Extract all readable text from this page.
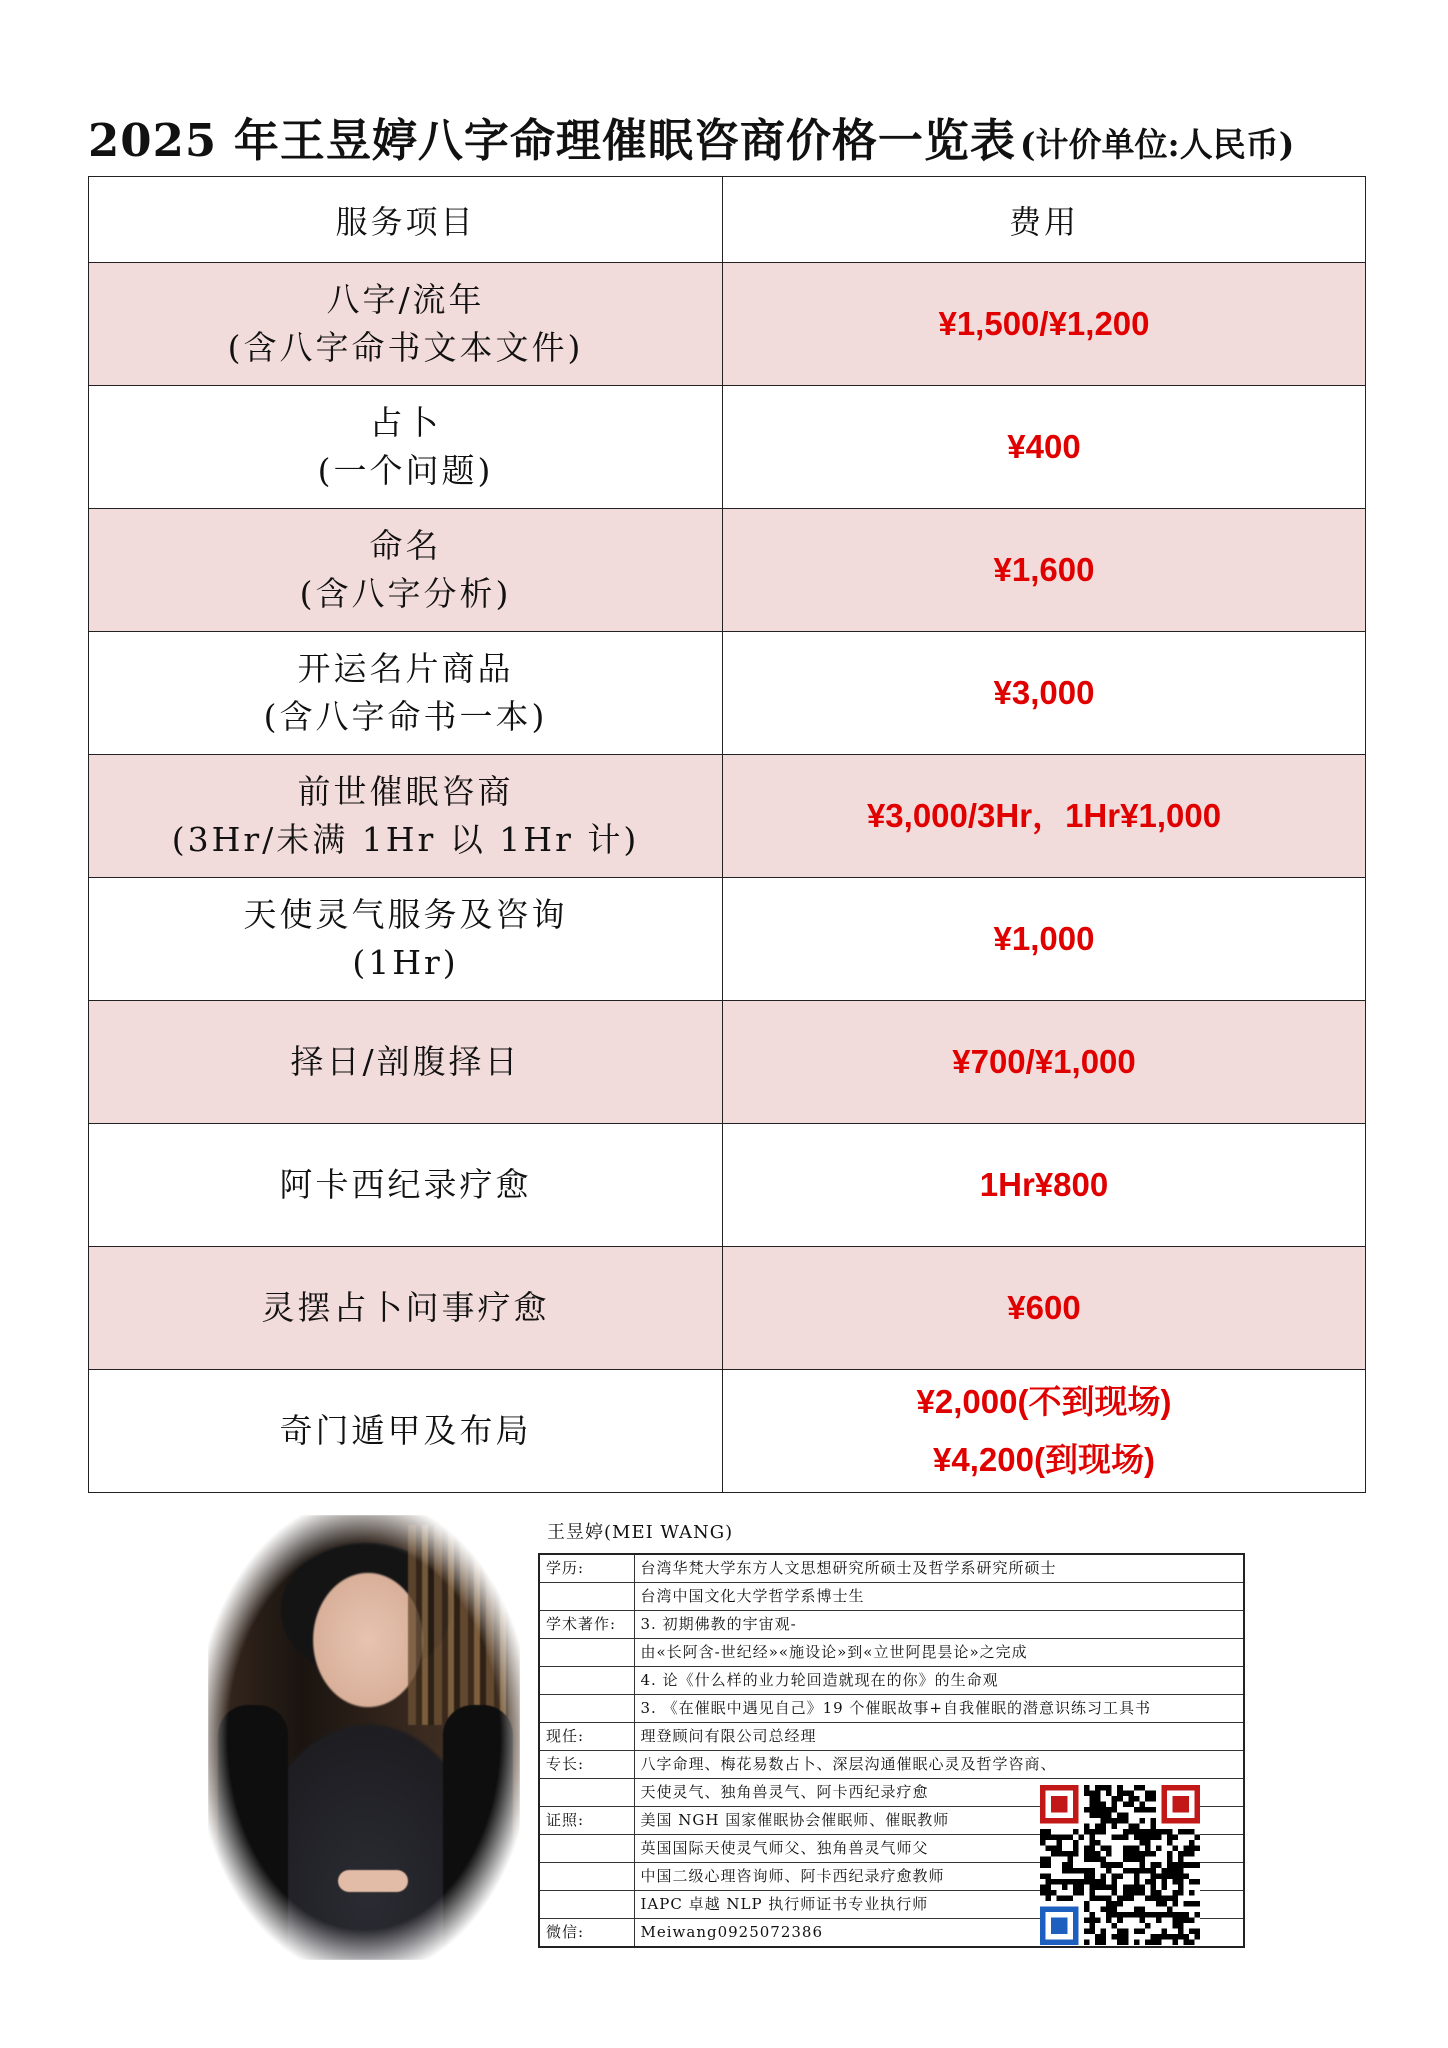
2025 年王昱婷八字命理催眠咨商价格一览表 (计价单位:人民币)
服务项目	费用

八字/流年
(含八字命书文本文件)	¥1,500/¥1,200

占卜
(一个问题)	¥400

命名
(含八字分析)	¥1,600

开运名片商品
(含八字命书一本)	¥3,000

前世催眠咨商
(3Hr/未满 1Hr 以 1Hr 计)	¥3,000/3Hr，1Hr¥1,000

天使灵气服务及咨询
(1Hr)	¥1,000

择日/剖腹择日	¥700/¥1,000

阿卡西纪录疗愈	1Hr¥800

灵摆占卜问事疗愈	¥600

奇门遁甲及布局	¥2,000(不到现场)
¥4,200(到现场)
王昱婷(MEI WANG)
学历:	台湾华梵大学东方人文思想研究所硕士及哲学系研究所硕士
	台湾中国文化大学哲学系博士生
学术著作:	3. 初期佛教的宇宙观-
	由«长阿含-世纪经»«施设论»到«立世阿毘昙论»之完成
	4. 论《什么样的业力轮回造就现在的你》的生命观
	3. 《在催眠中遇见自己》19 个催眠故事+自我催眠的潜意识练习工具书
现任:	理登顾问有限公司总经理
专长:	八字命理、梅花易数占卜、深层沟通催眠心灵及哲学咨商、
	天使灵气、独角兽灵气、阿卡西纪录疗愈
证照:	美国 NGH 国家催眠协会催眠师、催眠教师
	英国国际天使灵气师父、独角兽灵气师父
	中国二级心理咨询师、阿卡西纪录疗愈教师
	IAPC 卓越 NLP 执行师证书专业执行师
微信:	Meiwang0925072386
